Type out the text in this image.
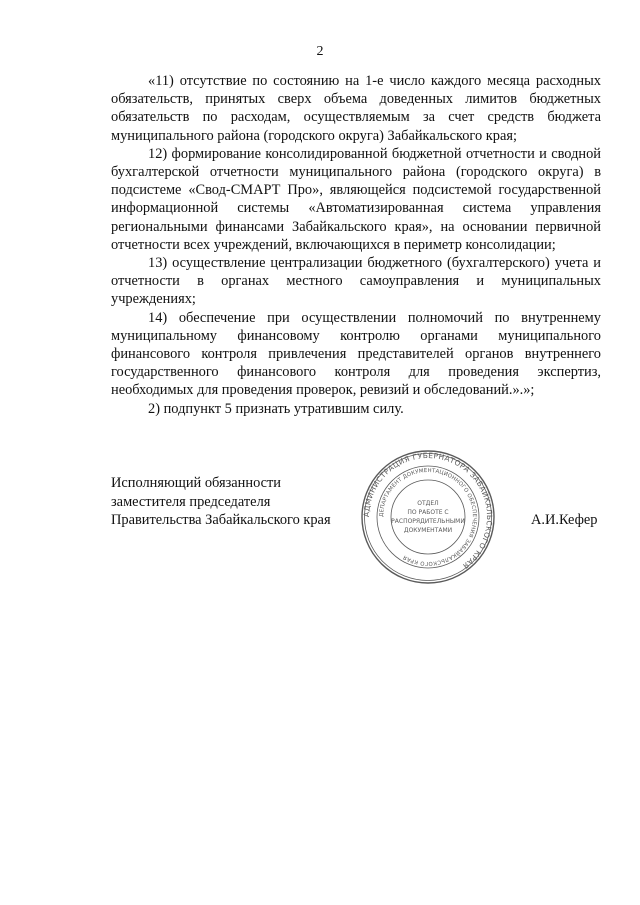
2

«11) отсутствие по состоянию на 1-е число каждого месяца расходных обязательств, принятых сверх объема доведенных лимитов бюджетных обязательств по расходам, осуществляемым за счет средств бюджета муниципального района (городского округа) Забайкальского края;

12) формирование консолидированной бюджетной отчетности и сводной бухгалтерской отчетности муниципального района (городского округа) в подсистеме «Свод-СМАРТ Про», являющейся подсистемой государственной информационной системы «Автоматизированная система управления региональными финансами Забайкальского края», на основании первичной отчетности всех учреждений, включающихся в периметр консолидации;

13) осуществление централизации бюджетного (бухгалтерского) учета и отчетности в органах местного самоуправления и муниципальных учреждениях;

14) обеспечение при осуществлении полномочий по внутреннему муниципальному финансовому контролю органами муниципального финансового контроля привлечения представителей органов внутреннего государственного финансового контроля для проведения экспертиз, необходимых для проведения проверок, ревизий и обследований.».»;

2) подпункт 5 признать утратившим силу.

Исполняющий обязанности
заместителя председателя
Правительства Забайкальского края	АДМИНИСТРАЦИЯ ГУБЕРНАТОРА ЗАБАЙКАЛЬСКОГО КРАЯ
ДЕПАРТАМЕНТ ДОКУМЕНТАЦИОННОГО ОБЕСПЕЧЕНИЯ ЗАБАЙКАЛЬСКОГО КРАЯ
ОТДЕЛ
ПО РАБОТЕ С
РАСПОРЯДИТЕЛЬНЫМИ
ДОКУМЕНТАМИ
А.И.Кефер
